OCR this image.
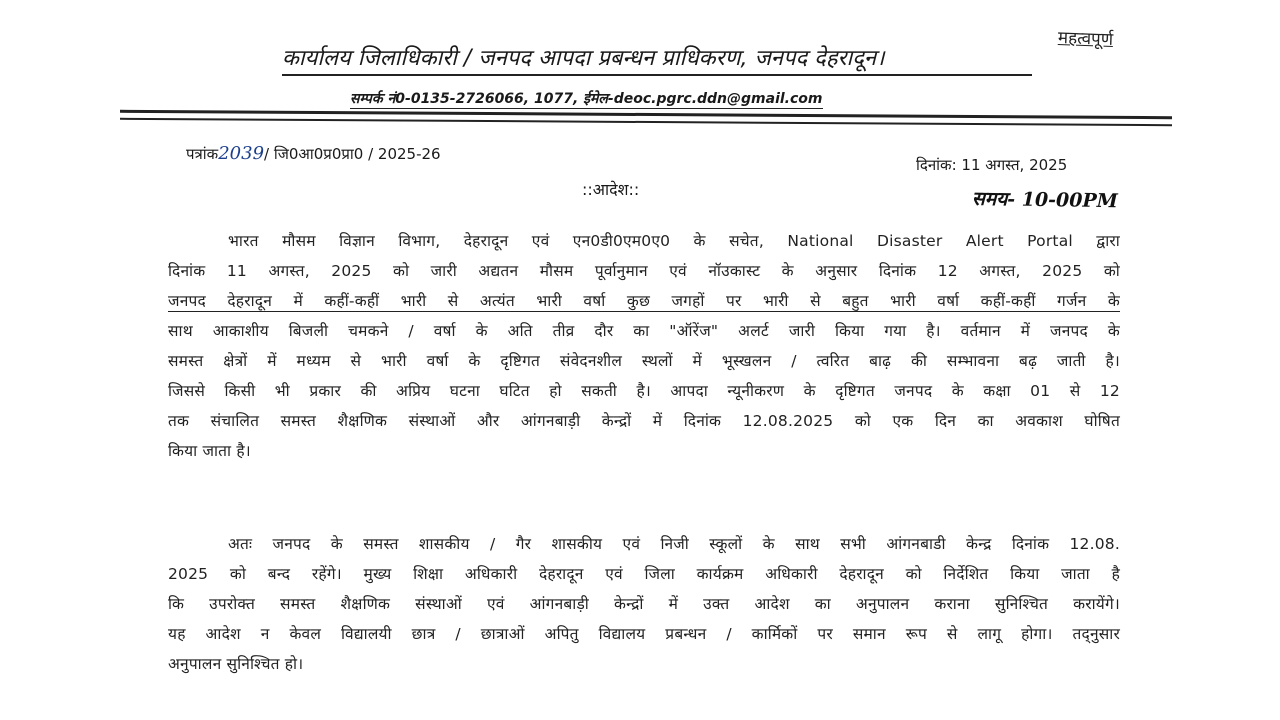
महत्वपूर्ण
कार्यालय जिलाधिकारी / जनपद आपदा प्रबन्धन प्राधिकरण, जनपद देहरादून।
सम्पर्क नं0-0135-2726066, 1077, ईमेल-deoc.pgrc.ddn@gmail.com
पत्रांक2039/ जि0आ0प्र0प्रा0 / 2025-26
दिनांक: 11 अगस्त, 2025
समय- 10-00PM
::आदेश::
भारत मौसम विज्ञान विभाग, देहरादून एवं एन0डी0एम0ए0 के सचेत, National Disaster Alert Portal द्वारा
दिनांक 11 अगस्त, 2025 को जारी अद्यतन मौसम पूर्वानुमान एवं नॉउकास्ट के अनुसार दिनांक 12 अगस्त, 2025 को
जनपद देहरादून में कहीं-कहीं भारी से अत्यंत भारी वर्षा कुछ जगहों पर भारी से बहुत भारी वर्षा कहीं-कहीं गर्जन के
साथ आकाशीय बिजली चमकने / वर्षा के अति तीव्र दौर का "ऑरेंज" अलर्ट जारी किया गया है। वर्तमान में जनपद के
समस्त क्षेत्रों में मध्यम से भारी वर्षा के दृष्टिगत संवेदनशील स्थलों में भूस्खलन / त्वरित बाढ़ की सम्भावना बढ़ जाती है।
जिससे किसी भी प्रकार की अप्रिय घटना घटित हो सकती है। आपदा न्यूनीकरण के दृष्टिगत जनपद के कक्षा 01 से 12
तक संचालित समस्त शैक्षणिक संस्थाओं और आंगनबाड़ी केन्द्रों में दिनांक 12.08.2025 को एक दिन का अवकाश घोषित
किया जाता है।
अतः जनपद के समस्त शासकीय / गैर शासकीय एवं निजी स्कूलों के साथ सभी आंगनबाडी केन्द्र दिनांक 12.08.
2025 को बन्द रहेंगे। मुख्य शिक्षा अधिकारी देहरादून एवं जिला कार्यक्रम अधिकारी देहरादून को निर्देशित किया जाता है
कि उपरोक्त समस्त शैक्षणिक संस्थाओं एवं आंगनबाड़ी केन्द्रों में उक्त आदेश का अनुपालन कराना सुनिश्चित करायेंगे।
यह आदेश न केवल विद्यालयी छात्र / छात्राओं अपितु विद्यालय प्रबन्धन / कार्मिकों पर समान रूप से लागू होगा। तद्नुसार
अनुपालन सुनिश्चित हो।
